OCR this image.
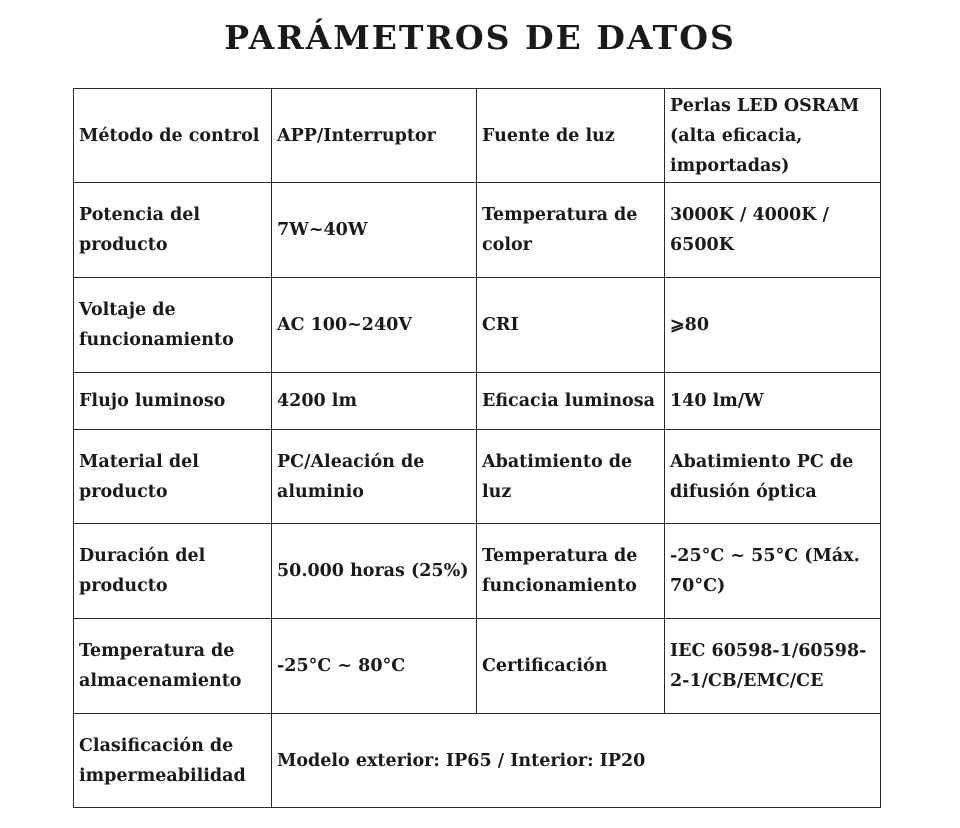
PARÁMETROS DE DATOS
Método de control	APP/Interruptor	Fuente de luz	Perlas LED OSRAM (alta eficacia, importadas)
Potencia del producto	7W~40W	Temperatura de color	3000K / 4000K / 6500K
Voltaje de funcionamiento	AC 100~240V	CRI	⩾80
Flujo luminoso	4200 lm	Eficacia luminosa	140 lm/W
Material del producto	PC/Aleación de aluminio	Abatimiento de luz	Abatimiento PC de difusión óptica
Duración del producto	50.000 horas (25%)	Temperatura de funcionamiento	-25°C ~ 55°C (Máx. 70°C)
Temperatura de almacenamiento	-25°C ~ 80°C	Certificación	IEC 60598-1/60598-2-1/CB/EMC/CE
Clasificación de impermeabilidad	Modelo exterior: IP65 / Interior: IP20		
